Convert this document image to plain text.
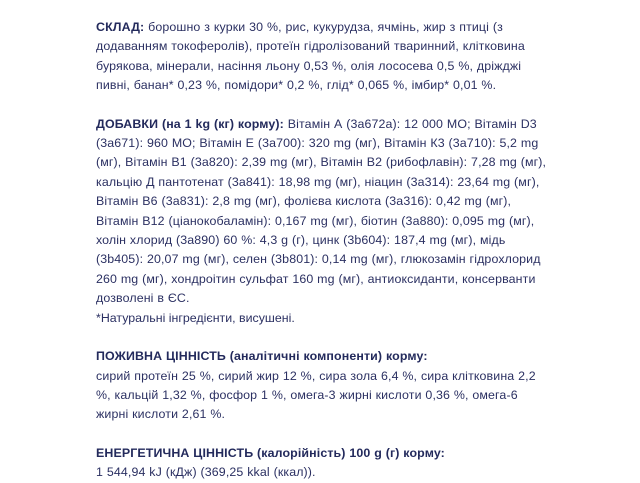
СКЛАД: борошно з курки 30 %, рис, кукурудза, ячмінь, жир з птиці (з додаванням токоферолів), протеїн гідролізований тваринний, клітковина бурякова, мінерали, насіння льону 0,53 %, олія лососева 0,5 %, дріжджі пивні, банан* 0,23 %, помідори* 0,2 %, глід* 0,065 %, імбир* 0,01 %.

ДОБАВКИ (на 1 kg (кг) корму): Вітамін А (3а672а): 12 000 МО; Вітамін D3 (3а671): 960 МО; Вітамін Е (3а700): 320 mg (мг), Вітамін К3 (3а710): 5,2 mg (мг), Вітамін В1 (3а820): 2,39 mg (мг), Вітамін В2 (рибофлавін): 7,28 mg (мг), кальцію Д пантотенат (3а841): 18,98 mg (мг), ніацин (3а314): 23,64 mg (мг), Вітамін В6 (3а831): 2,8 mg (мг), фолієва кислота (3а316): 0,42 mg (мг), Вітамін В12 (ціанокобаламін): 0,167 mg (мг), біотин (3а880): 0,095 mg (мг), холін хлорид (3а890) 60 %: 4,3 g (г), цинк (3b604): 187,4 mg (мг), мідь (3b405): 20,07 mg (мг), селен (3b801): 0,14 mg (мг), глюкозамін гідрохлорид 260 mg (мг), хондроітин сульфат 160 mg (мг), антиоксиданти, консерванти дозволені в ЄС.

*Натуральні інгредієнти, висушені.

ПОЖИВНА ЦІННІСТЬ (аналітичні компоненти) корму:

сирий протеїн 25 %, сирий жир 12 %, сира зола 6,4 %, сира клітковина 2,2 %, кальцій 1,32 %, фосфор 1 %, омега-3 жирні кислоти 0,36 %, омега-6 жирні кислоти 2,61 %.

ЕНЕРГЕТИЧНА ЦІННІСТЬ (калорійність) 100 g (г) корму:

1 544,94 kJ (кДж) (369,25 kkal (ккал)).
